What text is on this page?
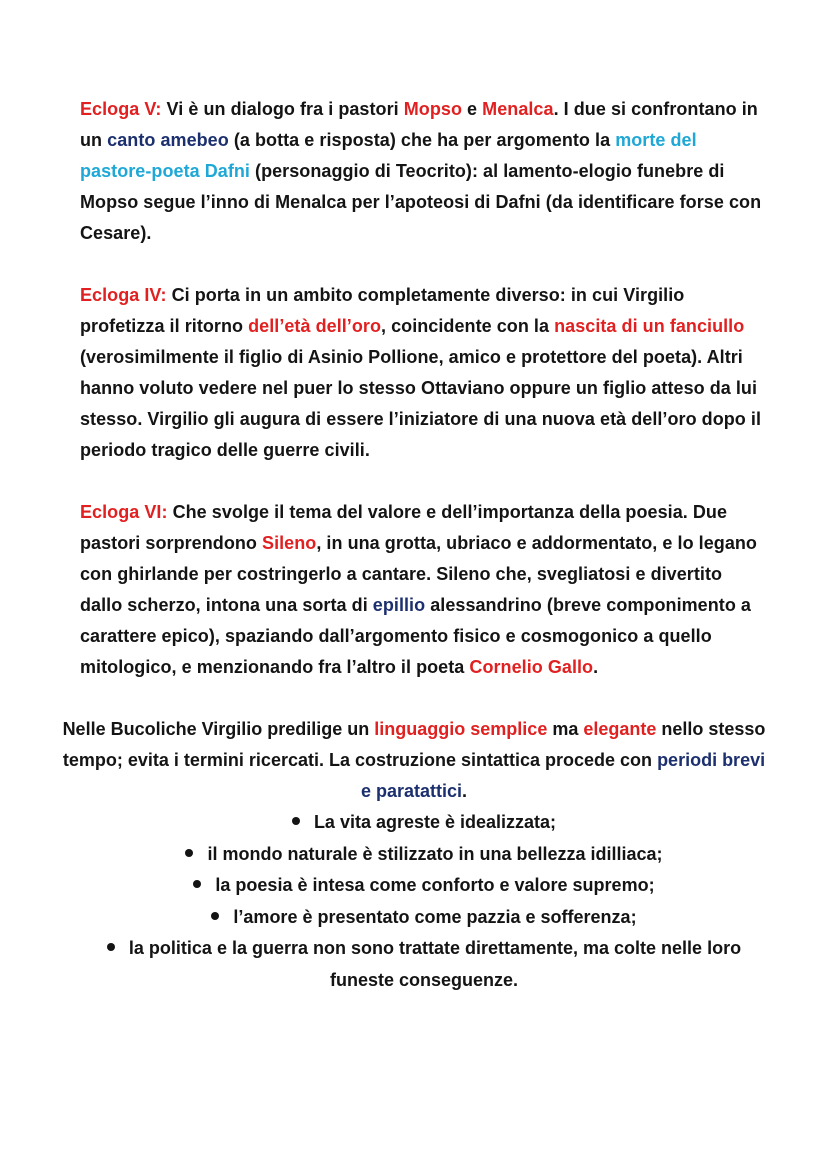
Ecloga V: Vi è un dialogo fra i pastori Mopso e Menalca. I due si confrontano in un canto amebeo (a botta e risposta) che ha per argomento la morte del pastore-poeta Dafni (personaggio di Teocrito): al lamento-elogio funebre di Mopso segue l’inno di Menalca per l’apoteosi di Dafni (da identificare forse con Cesare).

Ecloga IV: Ci porta in un ambito completamente diverso: in cui Virgilio profetizza il ritorno dell’età dell’oro, coincidente con la nascita di un fanciullo (verosimilmente il figlio di Asinio Pollione, amico e protettore del poeta). Altri hanno voluto vedere nel puer lo stesso Ottaviano oppure un figlio atteso da lui stesso. Virgilio gli augura di essere l’iniziatore di una nuova età dell’oro dopo il periodo tragico delle guerre civili.

Ecloga VI: Che svolge il tema del valore e dell’importanza della poesia. Due pastori sorprendono Sileno, in una grotta, ubriaco e addormentato, e lo legano con ghirlande per costringerlo a cantare. Sileno che, svegliatosi e divertito dallo scherzo, intona una sorta di epillio alessandrino (breve componimento a carattere epico), spaziando dall’argomento fisico e cosmogonico a quello mitologico, e menzionando fra l’altro il poeta Cornelio Gallo.

Nelle Bucoliche Virgilio predilige un linguaggio semplice ma elegante nello stesso tempo; evita i termini ricercati. La costruzione sintattica procede con periodi brevi e paratattici.

La vita agreste è idealizzata;
il mondo naturale è stilizzato in una bellezza idilliaca;
la poesia è intesa come conforto e valore supremo;
l’amore è presentato come pazzia e sofferenza;
la politica e la guerra non sono trattate direttamente, ma colte nelle loro funeste conseguenze.
